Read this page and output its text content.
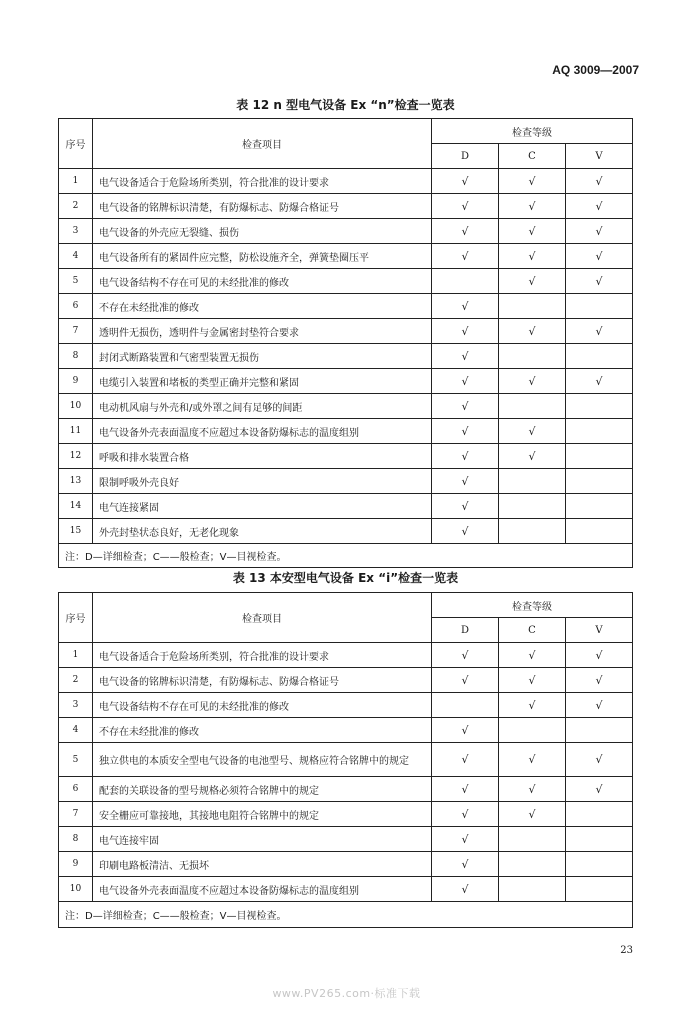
AQ 3009—2007
表 12 n 型电气设备 Ex “n”检查一览表
序号	检查项目	检查等级		
		D	C	V
1	电气设备适合于危险场所类别，符合批准的设计要求	√	√	√
2	电气设备的铭牌标识清楚，有防爆标志、防爆合格证号	√	√	√
3	电气设备的外壳应无裂缝、损伤	√	√	√
4	电气设备所有的紧固件应完整，防松设施齐全，弹簧垫圈压平	√	√	√
5	电气设备结构不存在可见的未经批准的修改		√	√
6	不存在未经批准的修改	√		
7	透明件无损伤，透明件与金属密封垫符合要求	√	√	√
8	封闭式断路装置和气密型装置无损伤	√		
9	电缆引入装置和堵板的类型正确并完整和紧固	√	√	√
10	电动机风扇与外壳和/或外罩之间有足够的间距	√		
11	电气设备外壳表面温度不应超过本设备防爆标志的温度组别	√	√	
12	呼吸和排水装置合格	√	√	
13	限制呼吸外壳良好	√		
14	电气连接紧固	√		
15	外壳封垫状态良好，无老化现象	√		
注：D—详细检查；C——般检查；V—目视检查。				
表 13 本安型电气设备 Ex “i”检查一览表
序号	检查项目	检查等级		
		D	C	V
1	电气设备适合于危险场所类别，符合批准的设计要求	√	√	√
2	电气设备的铭牌标识清楚，有防爆标志、防爆合格证号	√	√	√
3	电气设备结构不存在可见的未经批准的修改		√	√
4	不存在未经批准的修改	√		
5	独立供电的本质安全型电气设备的电池型号、规格应符合铭牌中的规定	√	√	√
6	配套的关联设备的型号规格必须符合铭牌中的规定	√	√	√
7	安全栅应可靠接地，其接地电阻符合铭牌中的规定	√	√	
8	电气连接牢固	√		
9	印刷电路板清洁、无损坏	√		
10	电气设备外壳表面温度不应超过本设备防爆标志的温度组别	√		
注：D—详细检查；C——般检查；V—目视检查。				
23
www.PV265.com·标准下载
